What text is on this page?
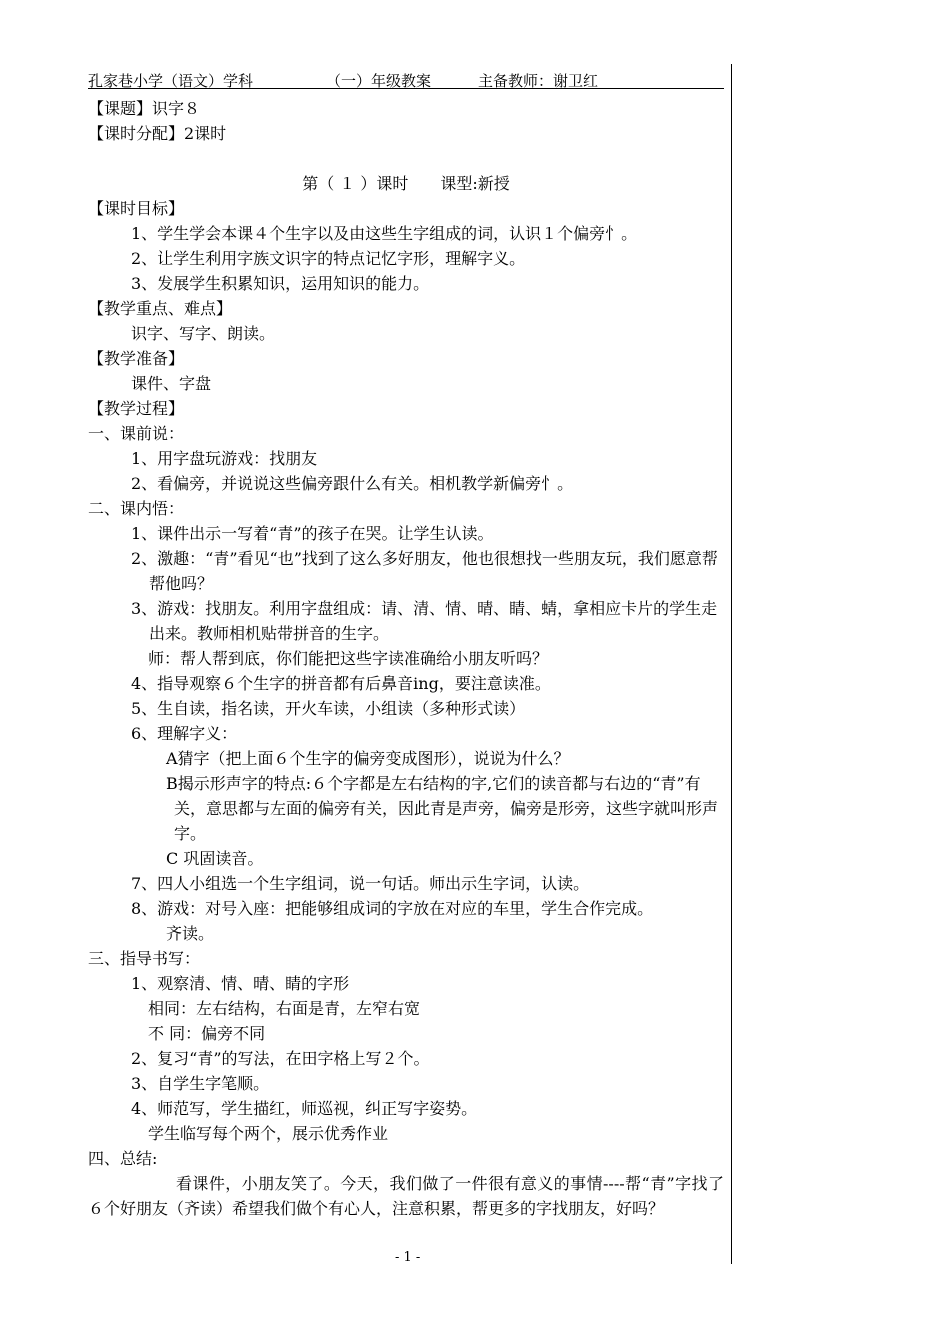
孔家巷小学（语文）学科	（一）年级教案	主备教师：谢卫红
【课题】识字８
【课时分配】2课时
第（ １ ）课时　　课型:新授
【课时目标】
1、学生学会本课４个生字以及由这些生字组成的词，认识１个偏旁忄。
2、让学生利用字族文识字的特点记忆字形，理解字义。
3、发展学生积累知识，运用知识的能力。
【教学重点、难点】
识字、写字、朗读。
【教学准备】
课件、字盘
【教学过程】
一、课前说：
1、用字盘玩游戏：找朋友
2、看偏旁，并说说这些偏旁跟什么有关。相机教学新偏旁忄。
二、课内悟：
1、课件出示一写着“青”的孩子在哭。让学生认读。
2、激趣：“青”看见“也”找到了这么多好朋友，他也很想找一些朋友玩，我们愿意帮帮他吗？
3、游戏：找朋友。利用字盘组成：请、清、情、晴、睛、蜻，拿相应卡片的学生走出来。教师相机贴带拼音的生字。
师：帮人帮到底，你们能把这些字读准确给小朋友听吗？
4、指导观察６个生字的拼音都有后鼻音ing，要注意读准。
5、生自读，指名读，开火车读，小组读（多种形式读）
6、理解字义：
A猜字（把上面６个生字的偏旁变成图形），说说为什么？
B揭示形声字的特点:６个字都是左右结构的字,它们的读音都与右边的“青”有关，意思都与左面的偏旁有关，因此青是声旁，偏旁是形旁，这些字就叫形声字。
C 巩固读音。
7、四人小组选一个生字组词，说一句话。师出示生字词，认读。
8、游戏：对号入座：把能够组成词的字放在对应的车里，学生合作完成。
齐读。
三、指导书写：
1、观察清、情、晴、睛的字形
相同：左右结构，右面是青，左窄右宽
不 同：偏旁不同
2、复习“青”的写法，在田字格上写２个。
3、自学生字笔顺。
4、师范写，学生描红，师巡视，纠正写字姿势。
学生临写每个两个，展示优秀作业
四、总结:
看课件，小朋友笑了。今天，我们做了一件很有意义的事情----帮“青”字找了６个好朋友（齐读）希望我们做个有心人，注意积累，帮更多的字找朋友，好吗？
- 1 -
